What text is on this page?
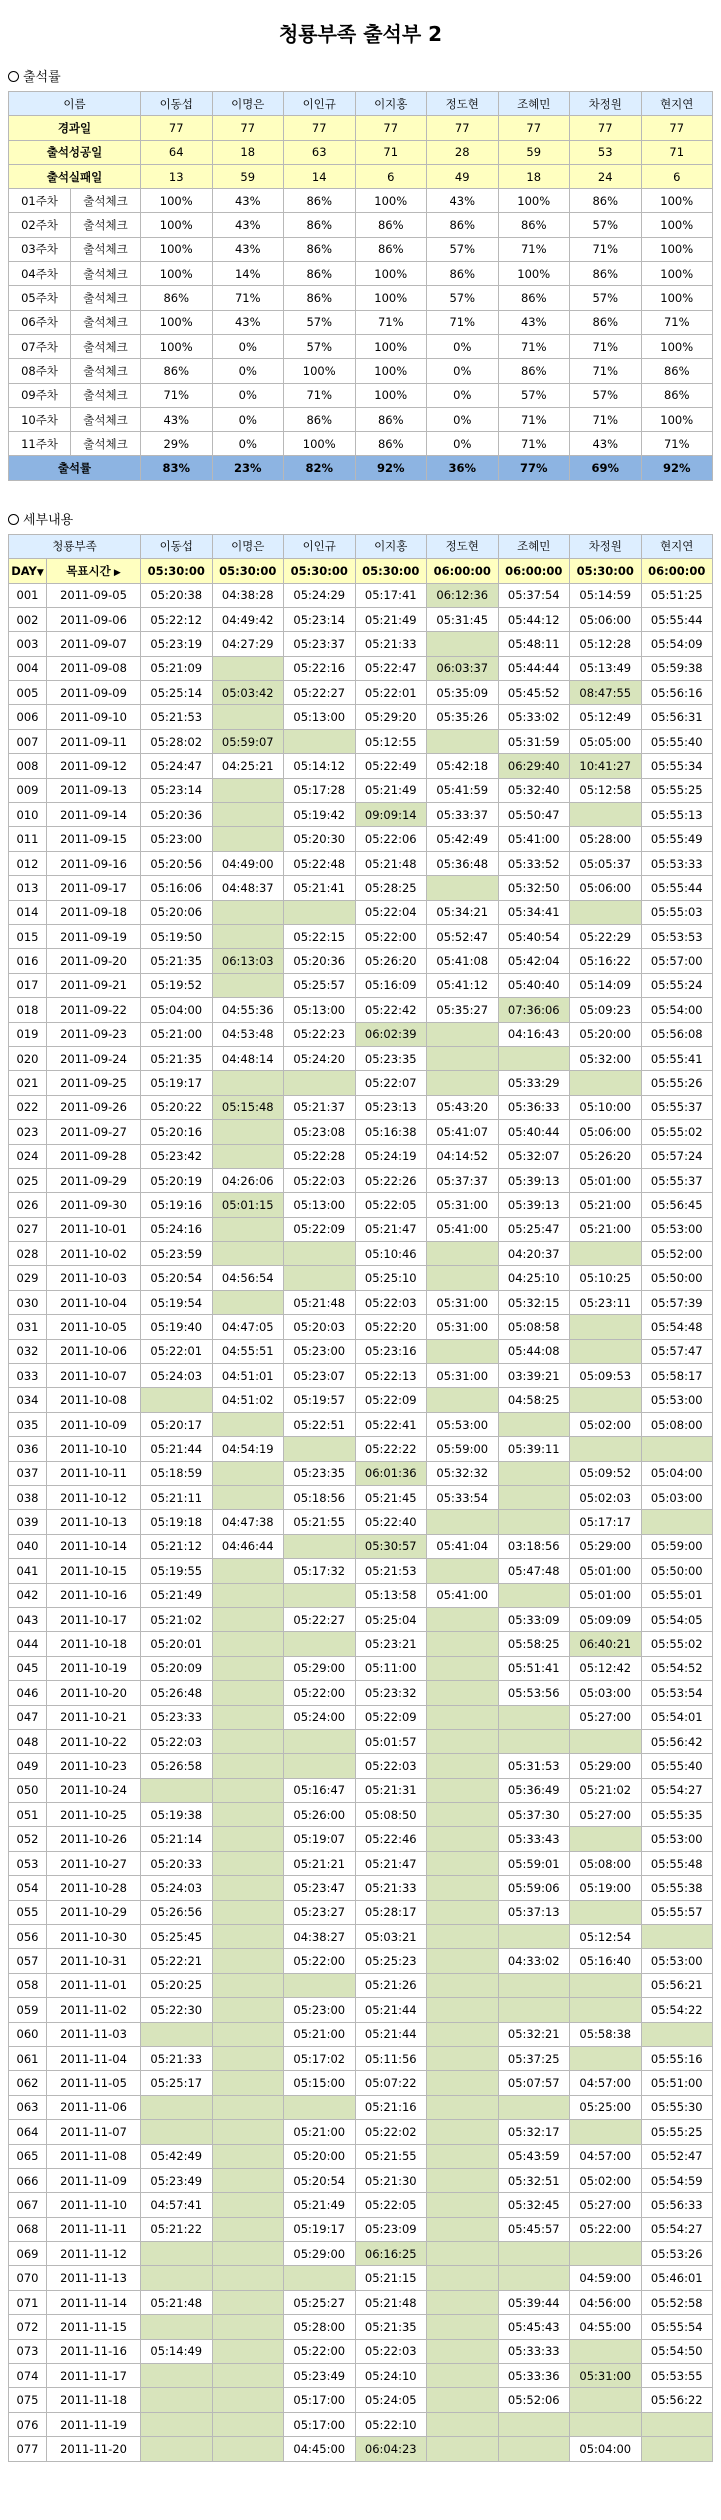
청룡부족 출석부 2
출석률
이름		이동섭	이명은	이인규	이지홍	정도현	조혜민	차정원	현지연
경과일		77	77	77	77	77	77	77	77
출석성공일		64	18	63	71	28	59	53	71
출석실패일		13	59	14	6	49	18	24	6
01주차	출석체크	100%	43%	86%	100%	43%	100%	86%	100%
02주차	출석체크	100%	43%	86%	86%	86%	86%	57%	100%
03주차	출석체크	100%	43%	86%	86%	57%	71%	71%	100%
04주차	출석체크	100%	14%	86%	100%	86%	100%	86%	100%
05주차	출석체크	86%	71%	86%	100%	57%	86%	57%	100%
06주차	출석체크	100%	43%	57%	71%	71%	43%	86%	71%
07주차	출석체크	100%	0%	57%	100%	0%	71%	71%	100%
08주차	출석체크	86%	0%	100%	100%	0%	86%	71%	86%
09주차	출석체크	71%	0%	71%	100%	0%	57%	57%	86%
10주차	출석체크	43%	0%	86%	86%	0%	71%	71%	100%
11주차	출석체크	29%	0%	100%	86%	0%	71%	43%	71%
출석률		83%	23%	82%	92%	36%	77%	69%	92%
세부내용
청룡부족		이동섭	이명은	이인규	이지홍	정도현	조혜민	차정원	현지연
DAY▼	목표시간 ▶	05:30:00	05:30:00	05:30:00	05:30:00	06:00:00	06:00:00	05:30:00	06:00:00
001	2011-09-05	05:20:38	04:38:28	05:24:29	05:17:41	06:12:36	05:37:54	05:14:59	05:51:25
002	2011-09-06	05:22:12	04:49:42	05:23:14	05:21:49	05:31:45	05:44:12	05:06:00	05:55:44
003	2011-09-07	05:23:19	04:27:29	05:23:37	05:21:33		05:48:11	05:12:28	05:54:09
004	2011-09-08	05:21:09		05:22:16	05:22:47	06:03:37	05:44:44	05:13:49	05:59:38
005	2011-09-09	05:25:14	05:03:42	05:22:27	05:22:01	05:35:09	05:45:52	08:47:55	05:56:16
006	2011-09-10	05:21:53		05:13:00	05:29:20	05:35:26	05:33:02	05:12:49	05:56:31
007	2011-09-11	05:28:02	05:59:07		05:12:55		05:31:59	05:05:00	05:55:40
008	2011-09-12	05:24:47	04:25:21	05:14:12	05:22:49	05:42:18	06:29:40	10:41:27	05:55:34
009	2011-09-13	05:23:14		05:17:28	05:21:49	05:41:59	05:32:40	05:12:58	05:55:25
010	2011-09-14	05:20:36		05:19:42	09:09:14	05:33:37	05:50:47		05:55:13
011	2011-09-15	05:23:00		05:20:30	05:22:06	05:42:49	05:41:00	05:28:00	05:55:49
012	2011-09-16	05:20:56	04:49:00	05:22:48	05:21:48	05:36:48	05:33:52	05:05:37	05:53:33
013	2011-09-17	05:16:06	04:48:37	05:21:41	05:28:25		05:32:50	05:06:00	05:55:44
014	2011-09-18	05:20:06			05:22:04	05:34:21	05:34:41		05:55:03
015	2011-09-19	05:19:50		05:22:15	05:22:00	05:52:47	05:40:54	05:22:29	05:53:53
016	2011-09-20	05:21:35	06:13:03	05:20:36	05:26:20	05:41:08	05:42:04	05:16:22	05:57:00
017	2011-09-21	05:19:52		05:25:57	05:16:09	05:41:12	05:40:40	05:14:09	05:55:24
018	2011-09-22	05:04:00	04:55:36	05:13:00	05:22:42	05:35:27	07:36:06	05:09:23	05:54:00
019	2011-09-23	05:21:00	04:53:48	05:22:23	06:02:39		04:16:43	05:20:00	05:56:08
020	2011-09-24	05:21:35	04:48:14	05:24:20	05:23:35			05:32:00	05:55:41
021	2011-09-25	05:19:17			05:22:07		05:33:29		05:55:26
022	2011-09-26	05:20:22	05:15:48	05:21:37	05:23:13	05:43:20	05:36:33	05:10:00	05:55:37
023	2011-09-27	05:20:16		05:23:08	05:16:38	05:41:07	05:40:44	05:06:00	05:55:02
024	2011-09-28	05:23:42		05:22:28	05:24:19	04:14:52	05:32:07	05:26:20	05:57:24
025	2011-09-29	05:20:19	04:26:06	05:22:03	05:22:26	05:37:37	05:39:13	05:01:00	05:55:37
026	2011-09-30	05:19:16	05:01:15	05:13:00	05:22:05	05:31:00	05:39:13	05:21:00	05:56:45
027	2011-10-01	05:24:16		05:22:09	05:21:47	05:41:00	05:25:47	05:21:00	05:53:00
028	2011-10-02	05:23:59			05:10:46		04:20:37		05:52:00
029	2011-10-03	05:20:54	04:56:54		05:25:10		04:25:10	05:10:25	05:50:00
030	2011-10-04	05:19:54		05:21:48	05:22:03	05:31:00	05:32:15	05:23:11	05:57:39
031	2011-10-05	05:19:40	04:47:05	05:20:03	05:22:20	05:31:00	05:08:58		05:54:48
032	2011-10-06	05:22:01	04:55:51	05:23:00	05:23:16		05:44:08		05:57:47
033	2011-10-07	05:24:03	04:51:01	05:23:07	05:22:13	05:31:00	03:39:21	05:09:53	05:58:17
034	2011-10-08		04:51:02	05:19:57	05:22:09		04:58:25		05:53:00
035	2011-10-09	05:20:17		05:22:51	05:22:41	05:53:00		05:02:00	05:08:00
036	2011-10-10	05:21:44	04:54:19		05:22:22	05:59:00	05:39:11		
037	2011-10-11	05:18:59		05:23:35	06:01:36	05:32:32		05:09:52	05:04:00
038	2011-10-12	05:21:11		05:18:56	05:21:45	05:33:54		05:02:03	05:03:00
039	2011-10-13	05:19:18	04:47:38	05:21:55	05:22:40			05:17:17	
040	2011-10-14	05:21:12	04:46:44		05:30:57	05:41:04	03:18:56	05:29:00	05:59:00
041	2011-10-15	05:19:55		05:17:32	05:21:53		05:47:48	05:01:00	05:50:00
042	2011-10-16	05:21:49			05:13:58	05:41:00		05:01:00	05:55:01
043	2011-10-17	05:21:02		05:22:27	05:25:04		05:33:09	05:09:09	05:54:05
044	2011-10-18	05:20:01			05:23:21		05:58:25	06:40:21	05:55:02
045	2011-10-19	05:20:09		05:29:00	05:11:00		05:51:41	05:12:42	05:54:52
046	2011-10-20	05:26:48		05:22:00	05:23:32		05:53:56	05:03:00	05:53:54
047	2011-10-21	05:23:33		05:24:00	05:22:09			05:27:00	05:54:01
048	2011-10-22	05:22:03			05:01:57				05:56:42
049	2011-10-23	05:26:58			05:22:03		05:31:53	05:29:00	05:55:40
050	2011-10-24			05:16:47	05:21:31		05:36:49	05:21:02	05:54:27
051	2011-10-25	05:19:38		05:26:00	05:08:50		05:37:30	05:27:00	05:55:35
052	2011-10-26	05:21:14		05:19:07	05:22:46		05:33:43		05:53:00
053	2011-10-27	05:20:33		05:21:21	05:21:47		05:59:01	05:08:00	05:55:48
054	2011-10-28	05:24:03		05:23:47	05:21:33		05:59:06	05:19:00	05:55:38
055	2011-10-29	05:26:56		05:23:27	05:28:17		05:37:13		05:55:57
056	2011-10-30	05:25:45		04:38:27	05:03:21			05:12:54	
057	2011-10-31	05:22:21		05:22:00	05:25:23		04:33:02	05:16:40	05:53:00
058	2011-11-01	05:20:25			05:21:26				05:56:21
059	2011-11-02	05:22:30		05:23:00	05:21:44				05:54:22
060	2011-11-03			05:21:00	05:21:44		05:32:21	05:58:38	
061	2011-11-04	05:21:33		05:17:02	05:11:56		05:37:25		05:55:16
062	2011-11-05	05:25:17		05:15:00	05:07:22		05:07:57	04:57:00	05:51:00
063	2011-11-06				05:21:16			05:25:00	05:55:30
064	2011-11-07			05:21:00	05:22:02		05:32:17		05:55:25
065	2011-11-08	05:42:49		05:20:00	05:21:55		05:43:59	04:57:00	05:52:47
066	2011-11-09	05:23:49		05:20:54	05:21:30		05:32:51	05:02:00	05:54:59
067	2011-11-10	04:57:41		05:21:49	05:22:05		05:32:45	05:27:00	05:56:33
068	2011-11-11	05:21:22		05:19:17	05:23:09		05:45:57	05:22:00	05:54:27
069	2011-11-12			05:29:00	06:16:25				05:53:26
070	2011-11-13				05:21:15			04:59:00	05:46:01
071	2011-11-14	05:21:48		05:25:27	05:21:48		05:39:44	04:56:00	05:52:58
072	2011-11-15			05:28:00	05:21:35		05:45:43	04:55:00	05:55:54
073	2011-11-16	05:14:49		05:22:00	05:22:03		05:33:33		05:54:50
074	2011-11-17			05:23:49	05:24:10		05:33:36	05:31:00	05:53:55
075	2011-11-18			05:17:00	05:24:05		05:52:06		05:56:22
076	2011-11-19			05:17:00	05:22:10				
077	2011-11-20			04:45:00	06:04:23			05:04:00	
